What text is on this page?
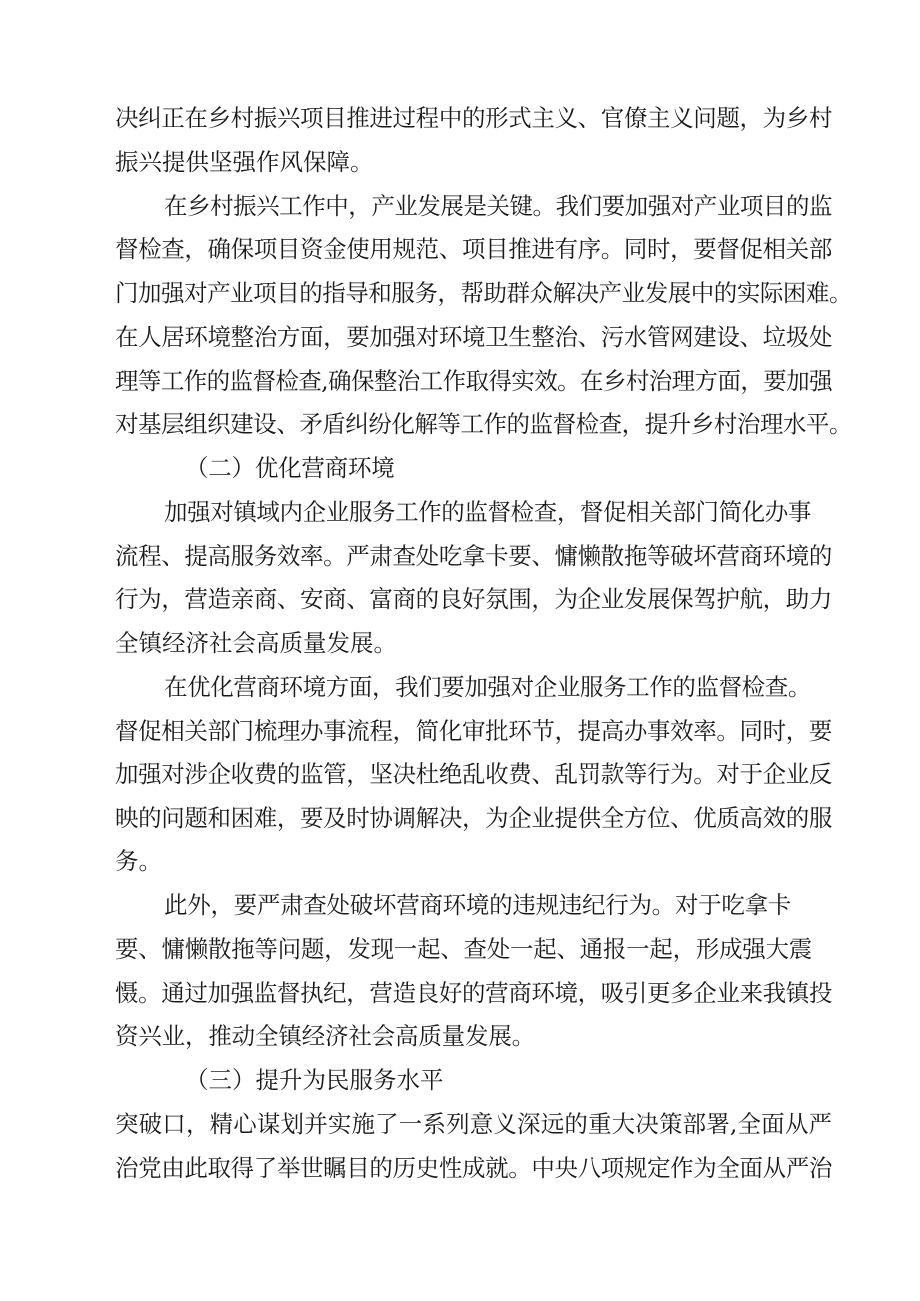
决纠正在乡村振兴项目推进过程中的形式主义、官僚主义问题，为乡村

振兴提供坚强作风保障。

在乡村振兴工作中，产业发展是关键。我们要加强对产业项目的监

督检查，确保项目资金使用规范、项目推进有序。同时，要督促相关部

门加强对产业项目的指导和服务，帮助群众解决产业发展中的实际困难。

在人居环境整治方面，要加强对环境卫生整治、污水管网建设、垃圾处

理等工作的监督检查,确保整治工作取得实效。在乡村治理方面，要加强

对基层组织建设、矛盾纠纷化解等工作的监督检查，提升乡村治理水平。

（二）优化营商环境

加强对镇域内企业服务工作的监督检查，督促相关部门简化办事

流程、提高服务效率。严肃查处吃拿卡要、慵懒散拖等破坏营商环境的

行为，营造亲商、安商、富商的良好氛围，为企业发展保驾护航，助力

全镇经济社会高质量发展。

在优化营商环境方面，我们要加强对企业服务工作的监督检查。

督促相关部门梳理办事流程，简化审批环节，提高办事效率。同时，要

加强对涉企收费的监管，坚决杜绝乱收费、乱罚款等行为。对于企业反

映的问题和困难，要及时协调解决，为企业提供全方位、优质高效的服

务。

此外，要严肃查处破坏营商环境的违规违纪行为。对于吃拿卡

要、慵懒散拖等问题，发现一起、查处一起、通报一起，形成强大震

慑。通过加强监督执纪，营造良好的营商环境，吸引更多企业来我镇投

资兴业，推动全镇经济社会高质量发展。

（三）提升为民服务水平

突破口，精心谋划并实施了一系列意义深远的重大决策部署,全面从严

治党由此取得了举世瞩目的历史性成就。中央八项规定作为全面从严治
